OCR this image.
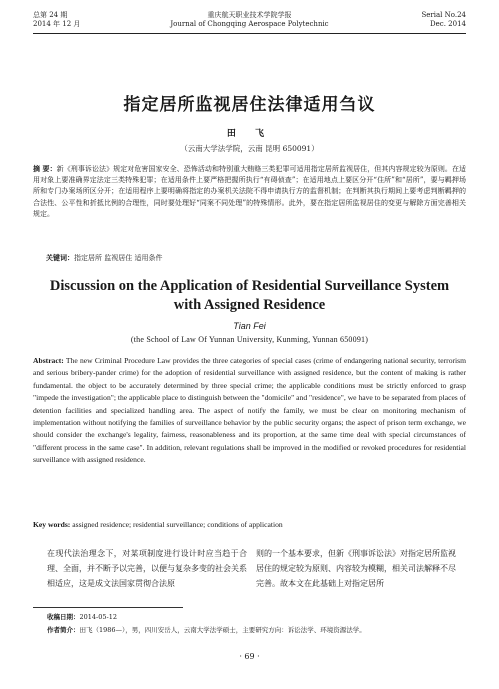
总第 24 期
2014 年 12 月
重庆航天职业技术学院学报
Journal of Chongqing Aerospace Polytechnic
Serial No.24
Dec. 2014
指定居所监视居住法律适用刍议
田 飞
（云南大学法学院，云南 昆明 650091）
摘 要：新《刑事诉讼法》规定对危害国家安全、恐怖活动和特别重大贿赂三类犯罪可适用指定居所监视居住，但其内容规定较为原则。在适用对象上要准确界定法定三类特殊犯罪；在适用条件上要严格把握所执行“有碍侦查”；在适用地点上要区分开“住所”和“居所”，要与羁押场所和专门办案场所区分开；在适用程序上要明确将指定的办案机关法院不得申请执行方的监督机制；在判断其执行期间上要考虑判断羁押的合法性、公平性和折抵比例的合理性，同时要处理好“同案不同处理”的特殊情形。此外，要在指定居所监视居住的变更与解除方面完善相关规定。
关键词：指定居所 监视居住 适用条件
Discussion on the Application of Residential Surveillance System with Assigned Residence
Tian Fei
(the School of Law Of Yunnan University, Kunming, Yunnan 650091)
Abstract: The new Criminal Procedure Law provides the three categories of special cases (crime of endangering national security, terrorism and serious bribery-pander crime) for the adoption of residential surveillance with assigned residence, but the content of making is rather fundamental. the object to be accurately determined by three special crime; the applicable conditions must be strictly enforced to grasp "impede the investigation"; the applicable place to distinguish between the "domicile" and "residence", we have to be separated from places of detention facilities and specialized handling area. The aspect of notify the family, we must be clear on monitoring mechanism of implementation without notifying the families of surveillance behavior by the public security organs; the aspect of prison term exchange, we should consider the exchange's legality, fairness, reasonableness and its proportion, at the same time deal with special circumstances of "different process in the same case". In addition, relevant regulations shall be improved in the modified or revoked procedures for residential surveillance with assigned residence.
Key words: assigned residence; residential surveillance; conditions of application
在现代法治理念下，对某项制度进行设计时应当趋于合理、全面，并不断予以完善，以便与复杂多变的社会关系相适应，这是成文法国家贯彻合法原
则的一个基本要求，但新《刑事诉讼法》对指定居所监视居住的规定较为原则、内容较为模糊，相关司法解释不尽完善。故本文在此基础上对指定居所
收稿日期：2014-05-12
作者简介：田飞（1986—），男，四川安岳人，云南大学法学硕士，主要研究方向：诉讼法学、环境资源法学。
· 69 ·
